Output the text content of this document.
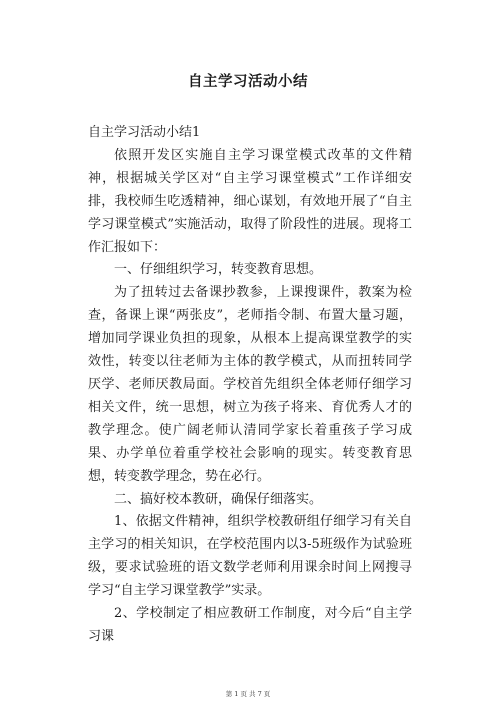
自主学习活动小结

自主学习活动小结1

依照开发区实施自主学习课堂模式改革的文件精神，根据城关学区对“自主学习课堂模式”工作详细安排，我校师生吃透精神，细心谋划，有效地开展了“自主学习课堂模式”实施活动，取得了阶段性的进展。现将工作汇报如下：

一、仔细组织学习，转变教育思想。

为了扭转过去备课抄教参，上课搜课件，教案为检查，备课上课“两张皮”，老师指令制、布置大量习题，增加同学课业负担的现象，从根本上提高课堂教学的实效性，转变以往老师为主体的教学模式，从而扭转同学厌学、老师厌教局面。学校首先组织全体老师仔细学习相关文件，统一思想，树立为孩子将来、育优秀人才的教学理念。使广阔老师认清同学家长着重孩子学习成果、办学单位着重学校社会影响的现实。转变教育思想，转变教学理念，势在必行。

二、搞好校本教研，确保仔细落实。

1、依据文件精神，组织学校教研组仔细学习有关自主学习的相关知识，在学校范围内以3-5班级作为试验班级，要求试验班的语文数学老师利用课余时间上网搜寻学习“自主学习课堂教学”实录。

2、学校制定了相应教研工作制度，对今后“自主学习课

第 1 页 共 7 页
